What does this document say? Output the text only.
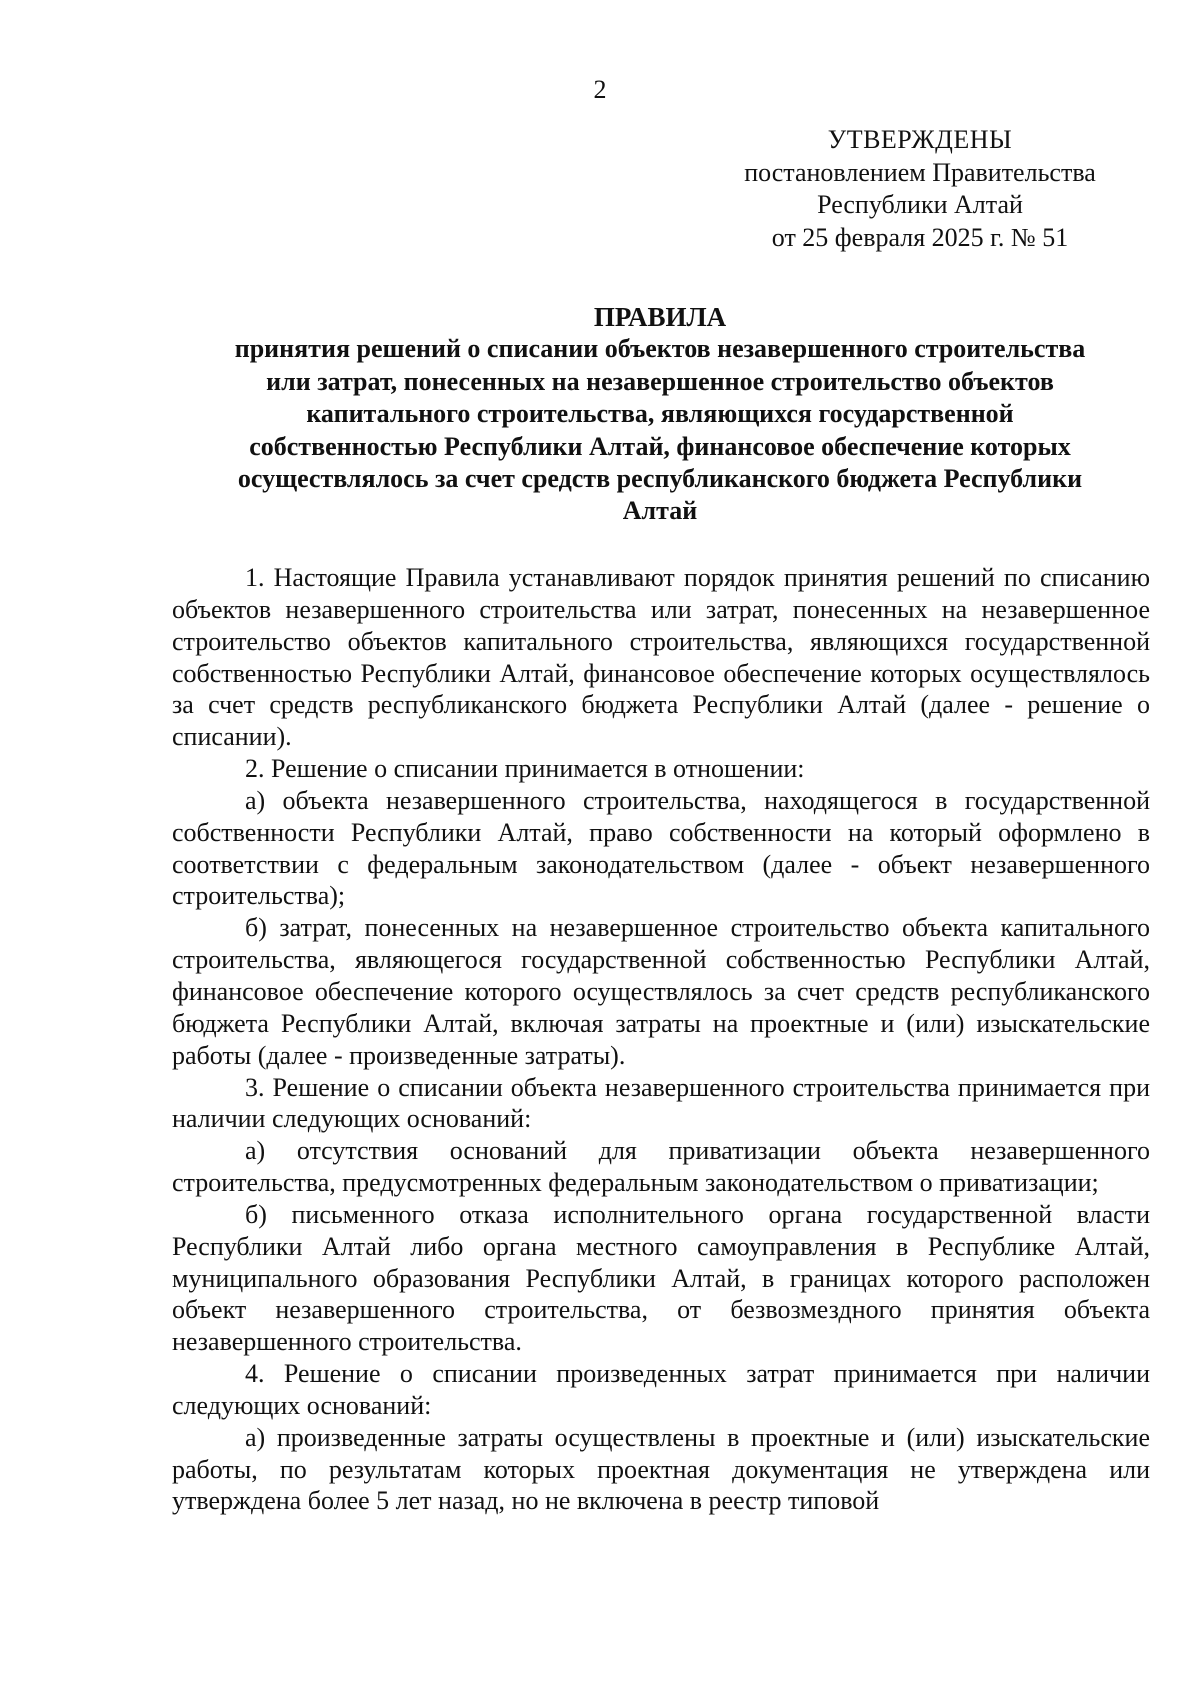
2
УТВЕРЖДЕНЫ
постановлением Правительства
Республики Алтай
от 25 февраля 2025 г. № 51
ПРАВИЛА
принятия решений о списании объектов незавершенного строительства
или затрат, понесенных на незавершенное строительство объектов
капитального строительства, являющихся государственной
собственностью Республики Алтай, финансовое обеспечение которых
осуществлялось за счет средств республиканского бюджета Республики
Алтай

1. Настоящие Правила устанавливают порядок принятия решений по списанию объектов незавершенного строительства или затрат, понесенных на незавершенное строительство объектов капитального строительства, являющихся государственной собственностью Республики Алтай, финансовое обеспечение которых осуществлялось за счет средств республиканского бюджета Республики Алтай (далее - решение о списании).

2. Решение о списании принимается в отношении:

а) объекта незавершенного строительства, находящегося в государственной собственности Республики Алтай, право собственности на который оформлено в соответствии с федеральным законодательством (далее - объект незавершенного строительства);

б) затрат, понесенных на незавершенное строительство объекта капитального строительства, являющегося государственной собственностью Республики Алтай, финансовое обеспечение которого осуществлялось за счет средств республиканского бюджета Республики Алтай, включая затраты на проектные и (или) изыскательские работы (далее - произведенные затраты).

3. Решение о списании объекта незавершенного строительства принимается при наличии следующих оснований:

а) отсутствия оснований для приватизации объекта незавершенного строительства, предусмотренных федеральным законодательством о приватизации;

б) письменного отказа исполнительного органа государственной власти Республики Алтай либо органа местного самоуправления в Республике Алтай, муниципального образования Республики Алтай, в границах которого расположен объект незавершенного строительства, от безвозмездного принятия объекта незавершенного строительства.

4. Решение о списании произведенных затрат принимается при наличии следующих оснований:

а) произведенные затраты осуществлены в проектные и (или) изыскательские работы, по результатам которых проектная документация не утверждена или утверждена более 5 лет назад, но не включена в реестр типовой
